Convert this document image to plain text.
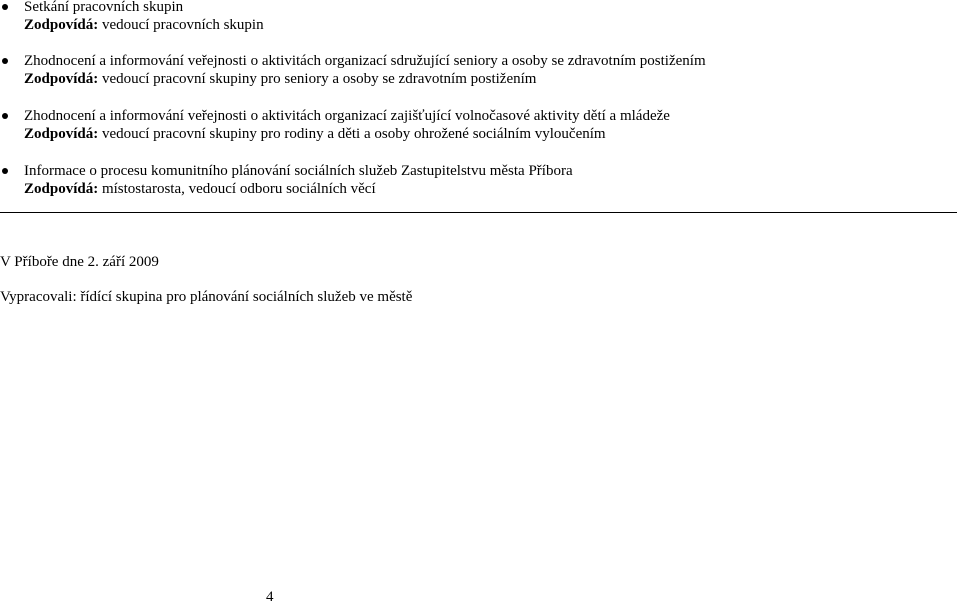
Setkání pracovních skupin
Zodpovídá: vedoucí pracovních skupin
Zhodnocení a informování veřejnosti o aktivitách organizací sdružující seniory a osoby se zdravotním postižením
Zodpovídá: vedoucí pracovní skupiny pro seniory a osoby se zdravotním postižením
Zhodnocení a informování veřejnosti o aktivitách organizací zajišťující volnočasové aktivity dětí a mládeže
Zodpovídá: vedoucí pracovní skupiny pro rodiny a děti a osoby ohrožené sociálním vyloučením
Informace o procesu komunitního plánování sociálních služeb Zastupitelstvu města Příbora
Zodpovídá: místostarosta, vedoucí odboru sociálních věcí
V Příboře dne 2. září 2009
Vypracovali: řídící skupina pro plánování sociálních služeb ve městě
4
